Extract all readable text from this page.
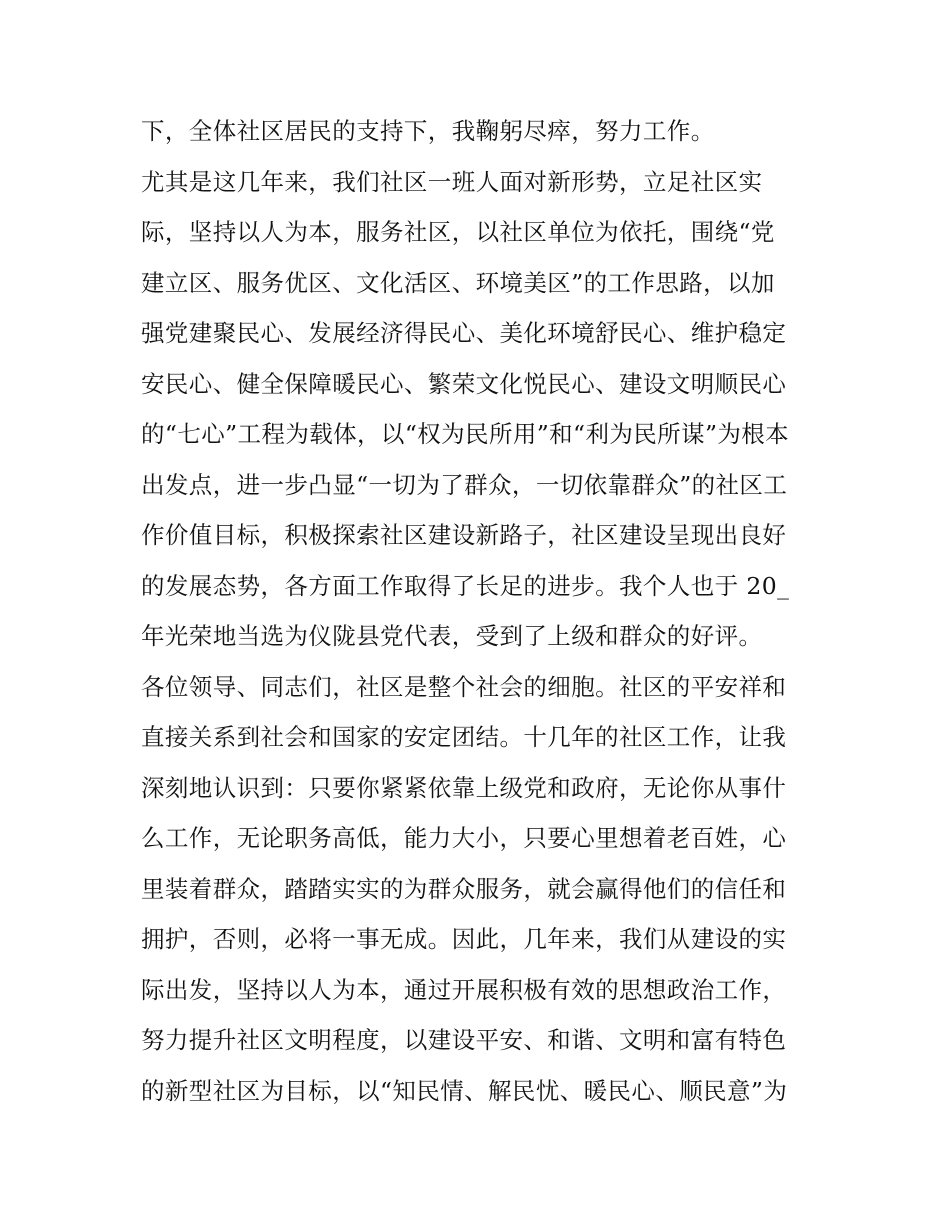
下，全体社区居民的支持下，我鞠躬尽瘁，努力工作。
尤其是这几年来，我们社区一班人面对新形势，立足社区实
际，坚持以人为本，服务社区，以社区单位为依托，围绕“党
建立区、服务优区、文化活区、环境美区”的工作思路，以加
强党建聚民心、发展经济得民心、美化环境舒民心、维护稳定
安民心、健全保障暖民心、繁荣文化悦民心、建设文明顺民心
的“七心”工程为载体，以“权为民所用”和“利为民所谋”为根本
出发点，进一步凸显“一切为了群众，一切依靠群众”的社区工
作价值目标，积极探索社区建设新路子，社区建设呈现出良好
的发展态势，各方面工作取得了长足的进步。我个人也于 20_
年光荣地当选为仪陇县党代表，受到了上级和群众的好评。
各位领导、同志们，社区是整个社会的细胞。社区的平安祥和
直接关系到社会和国家的安定团结。十几年的社区工作，让我
深刻地认识到：只要你紧紧依靠上级党和政府，无论你从事什
么工作，无论职务高低，能力大小，只要心里想着老百姓，心
里装着群众，踏踏实实的为群众服务，就会赢得他们的信任和
拥护，否则，必将一事无成。因此，几年来，我们从建设的实
际出发，坚持以人为本，通过开展积极有效的思想政治工作，
努力提升社区文明程度，以建设平安、和谐、文明和富有特色
的新型社区为目标，以“知民情、解民忧、暖民心、顺民意”为
